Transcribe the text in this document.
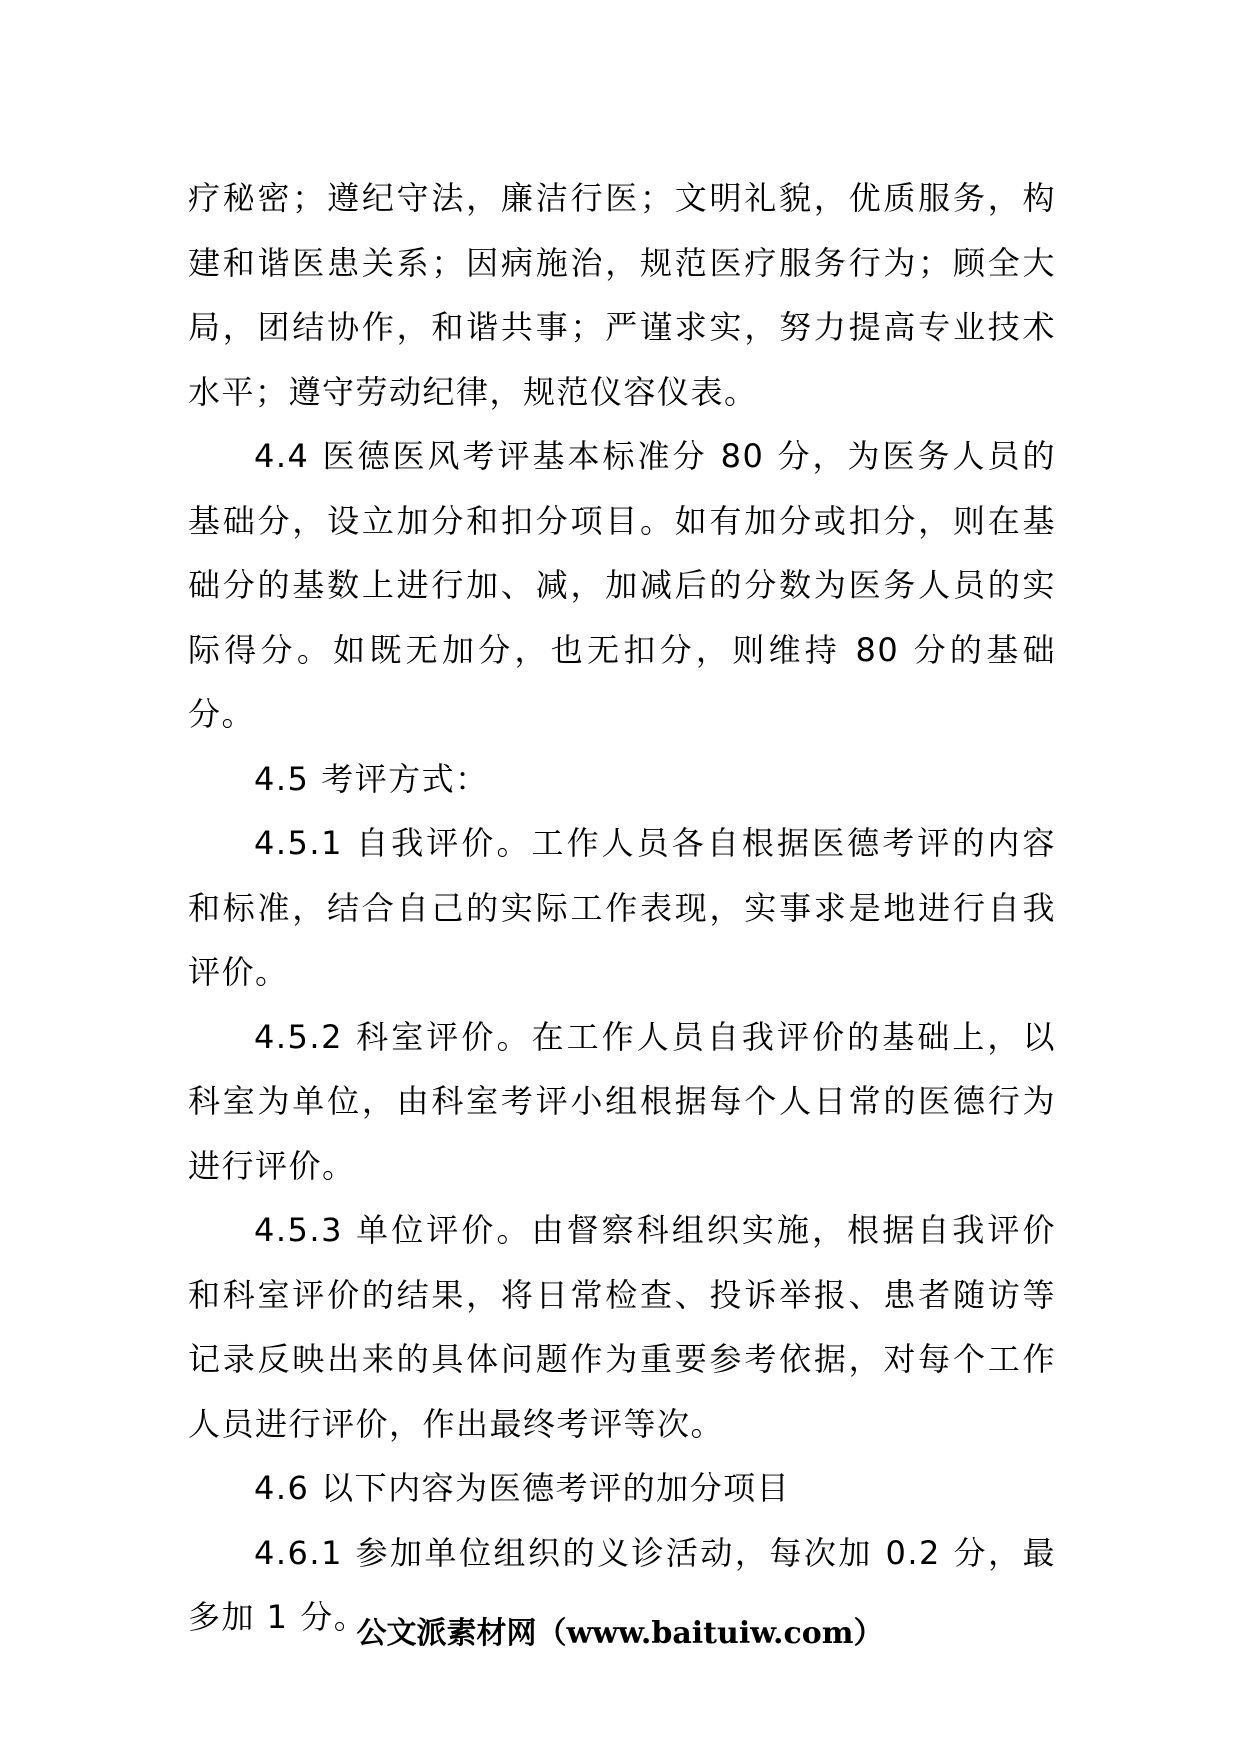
疗秘密；遵纪守法，廉洁行医；文明礼貌，优质服务，构建和谐医患关系；因病施治，规范医疗服务行为；顾全大局，团结协作，和谐共事；严谨求实，努力提高专业技术水平；遵守劳动纪律，规范仪容仪表。

4.4 医德医风考评基本标准分 80 分，为医务人员的基础分，设立加分和扣分项目。如有加分或扣分，则在基础分的基数上进行加、减，加减后的分数为医务人员的实际得分。如既无加分，也无扣分，则维持 80 分的基础分。

4.5 考评方式：

4.5.1 自我评价。工作人员各自根据医德考评的内容和标准，结合自己的实际工作表现，实事求是地进行自我评价。

4.5.2 科室评价。在工作人员自我评价的基础上，以科室为单位，由科室考评小组根据每个人日常的医德行为进行评价。

4.5.3 单位评价。由督察科组织实施，根据自我评价和科室评价的结果，将日常检查、投诉举报、患者随访等记录反映出来的具体问题作为重要参考依据，对每个工作人员进行评价，作出最终考评等次。

4.6 以下内容为医德考评的加分项目

4.6.1 参加单位组织的义诊活动，每次加 0.2 分，最多加 1 分。

公文派素材网（www.baituiw.com）
